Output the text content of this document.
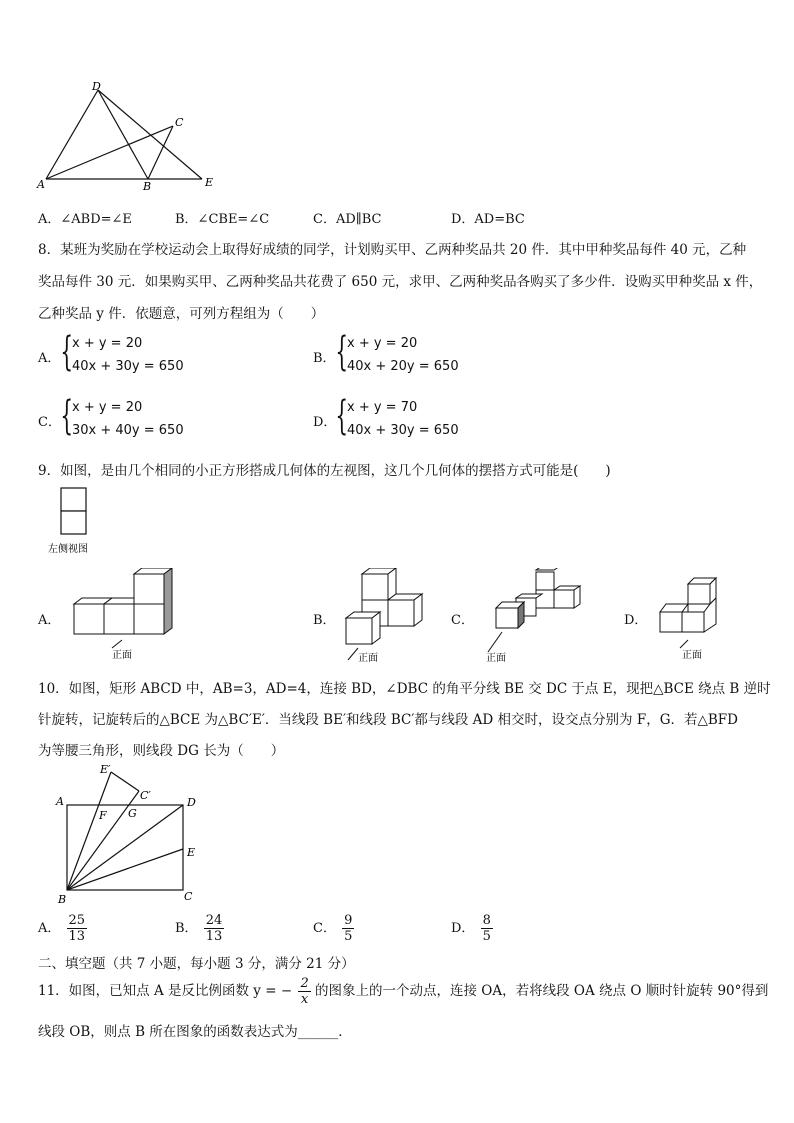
D
C
A	B	E
A．∠ABD=∠E	B．∠CBE=∠C	C．AD∥BC	D．AD=BC
8．某班为奖励在学校运动会上取得好成绩的同学，计划购买甲、乙两种奖品共 20 件．其中甲种奖品每件 40 元，乙种
奖品每件 30 元．如果购买甲、乙两种奖品共花费了 650 元，求甲、乙两种奖品各购买了多少件．设购买甲种奖品 x 件，
乙种奖品 y 件．依题意，可列方程组为（　　）
A． {
x + y = 20
40x + 30y = 650
B． {
x + y = 20
40x + 20y = 650
C． {
x + y = 20
30x + 40y = 650
D．
{
x + y = 70
40x + 30y = 650
9．如图，是由几个相同的小正方形搭成几何体的左视图，这几个几何体的摆搭方式可能是(　　)
左侧视图
A．
正面
B．
正面
C．
正面
D．
正面
10．如图，矩形 ABCD 中，AB=3，AD=4，连接 BD，∠DBC 的角平分线 BE 交 DC 于点 E，现把△BCE 绕点 B 逆时
针旋转，记旋转后的△BCE 为△BC′E′．当线段 BE′和线段 BC′都与线段 AD 相交时，设交点分别为 F，G．若△BFD
为等腰三角形，则线段 DG 长为（　　）
E′
A	C′
D
F G
E
B	C
A． $\frac{25}{13}$	B． $\frac{24}{13}$	C． $\frac{9}{5}$	D． $\frac{8}{5}$
二、填空题（共 7 小题，每小题 3 分，满分 21 分）
11．如图，已知点 A 是反比例函数 y = − $\frac{2}{x}$ 的图象上的一个动点，连接 OA，若将线段 OA 绕点 O 顺时针旋转 90°得到
线段 OB，则点 B 所在图象的函数表达式为______．
